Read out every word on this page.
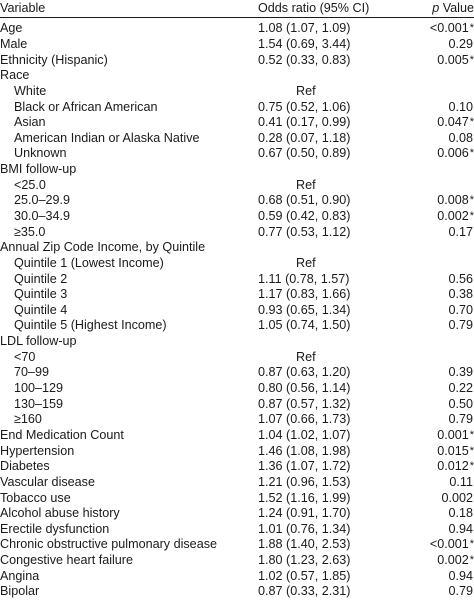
Variable	Odds ratio (95% CI)	p Value
Age	1.08 (1.07, 1.09)	<0.001*
Male	1.54 (0.69, 3.44)	0.29
Ethnicity (Hispanic)	0.52 (0.33, 0.83)	0.005*
Race		
White	Ref	
Black or African American	0.75 (0.52, 1.06)	0.10
Asian	0.41 (0.17, 0.99)	0.047*
American Indian or Alaska Native	0.28 (0.07, 1.18)	0.08
Unknown	0.67 (0.50, 0.89)	0.006*
BMI follow-up		
<25.0	Ref	
25.0–29.9	0.68 (0.51, 0.90)	0.008*
30.0–34.9	0.59 (0.42, 0.83)	0.002*
≥35.0	0.77 (0.53, 1.12)	0.17
Annual Zip Code Income, by Quintile		
Quintile 1 (Lowest Income)	Ref	
Quintile 2	1.11 (0.78, 1.57)	0.56
Quintile 3	1.17 (0.83, 1.66)	0.38
Quintile 4	0.93 (0.65, 1.34)	0.70
Quintile 5 (Highest Income)	1.05 (0.74, 1.50)	0.79
LDL follow-up		
<70	Ref	
70–99	0.87 (0.63, 1.20)	0.39
100–129	0.80 (0.56, 1.14)	0.22
130–159	0.87 (0.57, 1.32)	0.50
≥160	1.07 (0.66, 1.73)	0.79
End Medication Count	1.04 (1.02, 1.07)	0.001*
Hypertension	1.46 (1.08, 1.98)	0.015*
Diabetes	1.36 (1.07, 1.72)	0.012*
Vascular disease	1.21 (0.96, 1.53)	0.11
Tobacco use	1.52 (1.16, 1.99)	0.002
Alcohol abuse history	1.24 (0.91, 1.70)	0.18
Erectile dysfunction	1.01 (0.76, 1.34)	0.94
Chronic obstructive pulmonary disease	1.88 (1.40, 2.53)	<0.001*
Congestive heart failure	1.80 (1.23, 2.63)	0.002*
Angina	1.02 (0.57, 1.85)	0.94
Bipolar	0.87 (0.33, 2.31)	0.79
